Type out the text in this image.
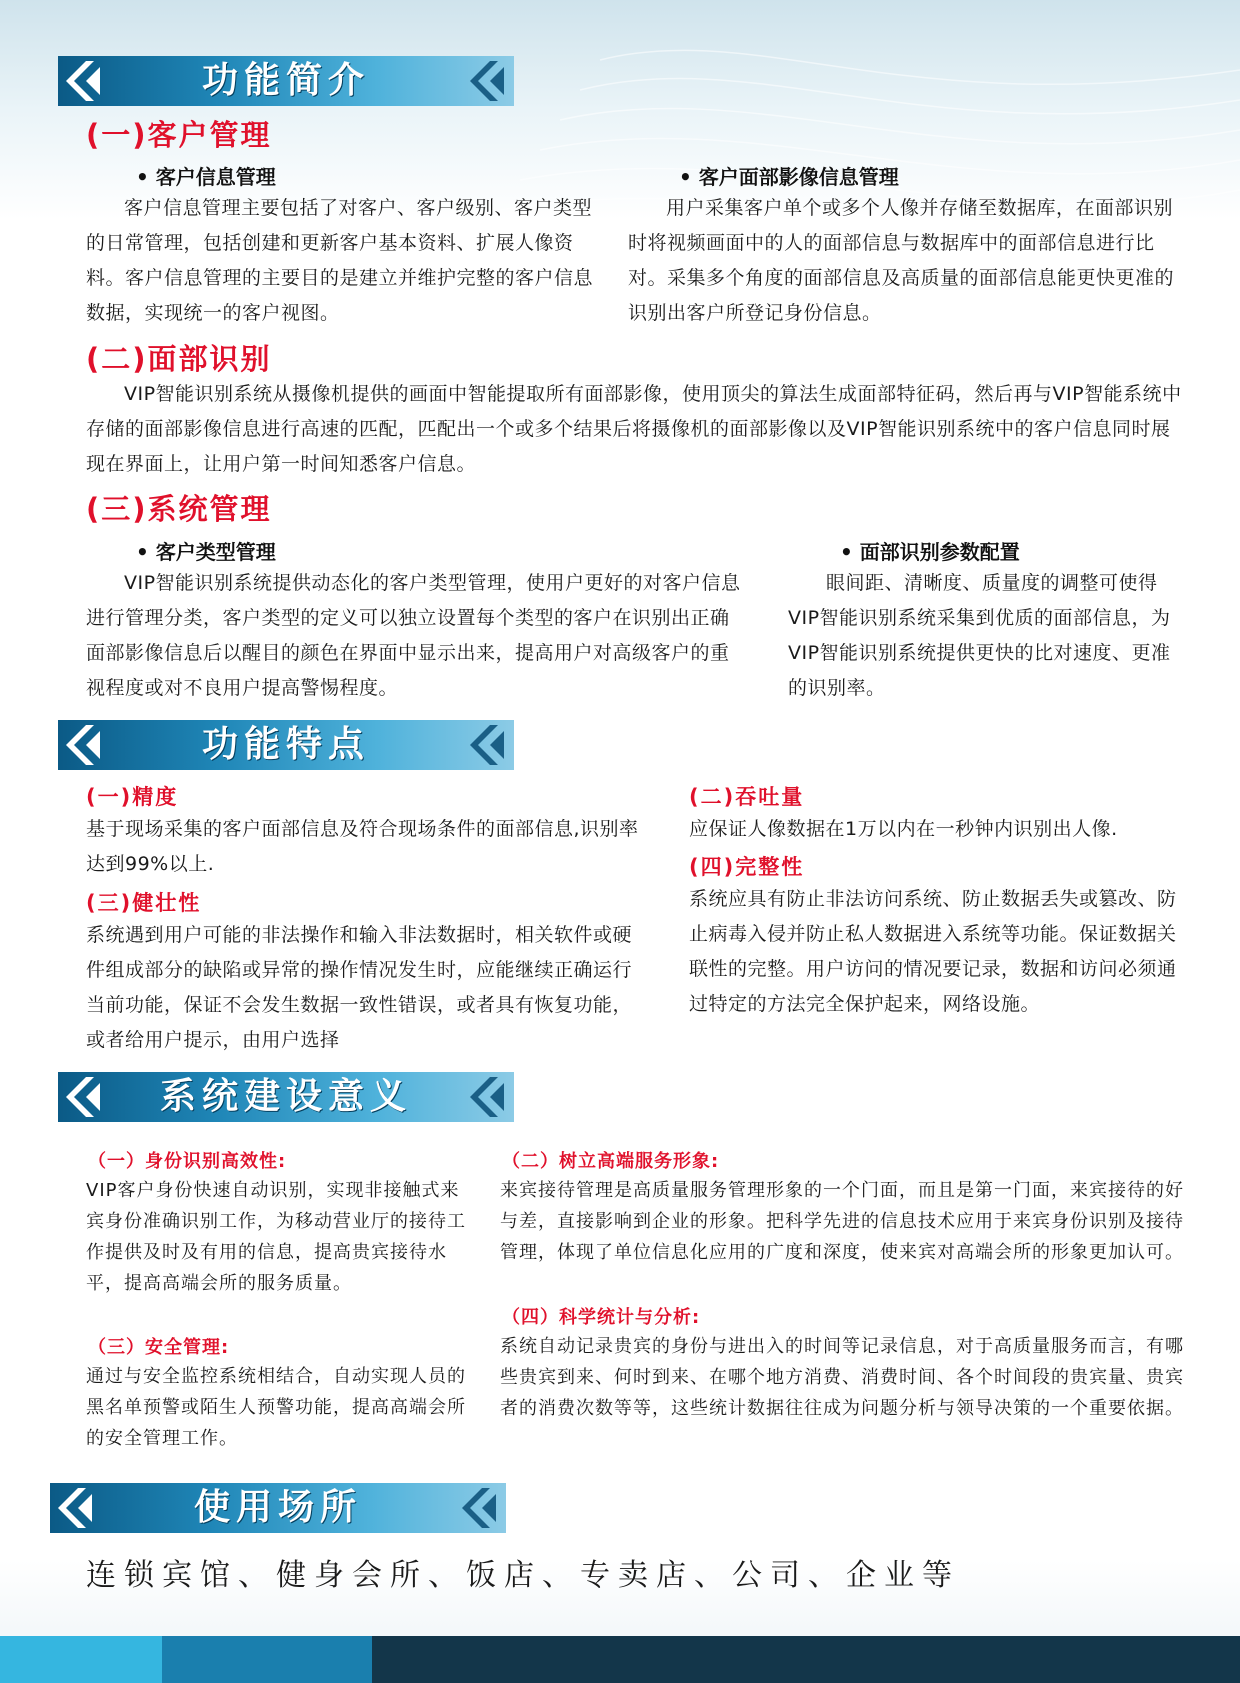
功能简介
(一)客户管理
• 客户信息管理
客户信息管理主要包括了对客户、客户级别、客户类型的日常管理，包括创建和更新客户基本资料、扩展人像资料。客户信息管理的主要目的是建立并维护完整的客户信息数据，实现统一的客户视图。
• 客户面部影像信息管理
用户采集客户单个或多个人像并存储至数据库，在面部识别时将视频画面中的人的面部信息与数据库中的面部信息进行比对。采集多个角度的面部信息及高质量的面部信息能更快更准的识别出客户所登记身份信息。
(二)面部识别
VIP智能识别系统从摄像机提供的画面中智能提取所有面部影像，使用顶尖的算法生成面部特征码，然后再与VIP智能系统中存储的面部影像信息进行高速的匹配，匹配出一个或多个结果后将摄像机的面部影像以及VIP智能识别系统中的客户信息同时展现在界面上，让用户第一时间知悉客户信息。
(三)系统管理
• 客户类型管理
VIP智能识别系统提供动态化的客户类型管理，使用户更好的对客户信息进行管理分类，客户类型的定义可以独立设置每个类型的客户在识别出正确面部影像信息后以醒目的颜色在界面中显示出来，提高用户对高级客户的重视程度或对不良用户提高警惕程度。
• 面部识别参数配置
眼间距、清晰度、质量度的调整可使得VIP智能识别系统采集到优质的面部信息，为VIP智能识别系统提供更快的比对速度、更准的识别率。
功能特点
(一)精度
基于现场采集的客户面部信息及符合现场条件的面部信息,识别率达到99%以上.
(三)健壮性
系统遇到用户可能的非法操作和输入非法数据时，相关软件或硬件组成部分的缺陷或异常的操作情况发生时，应能继续正确运行当前功能，保证不会发生数据一致性错误，或者具有恢复功能，或者给用户提示，由用户选择
(二)吞吐量
应保证人像数据在1万以内在一秒钟内识别出人像.
(四)完整性
系统应具有防止非法访问系统、防止数据丢失或篡改、防止病毒入侵并防止私人数据进入系统等功能。保证数据关联性的完整。用户访问的情况要记录，数据和访问必须通过特定的方法完全保护起来，网络设施。
系统建设意义
（一）身份识别高效性:
VIP客户身份快速自动识别，实现非接触式来宾身份准确识别工作，为移动营业厅的接待工作提供及时及有用的信息，提高贵宾接待水平，提高高端会所的服务质量。
（三）安全管理:
通过与安全监控系统相结合，自动实现人员的黑名单预警或陌生人预警功能，提高高端会所的安全管理工作。
（二）树立高端服务形象:
来宾接待管理是高质量服务管理形象的一个门面，而且是第一门面，来宾接待的好与差，直接影响到企业的形象。把科学先进的信息技术应用于来宾身份识别及接待管理，体现了单位信息化应用的广度和深度，使来宾对高端会所的形象更加认可。
（四）科学统计与分析:
系统自动记录贵宾的身份与进出入的时间等记录信息，对于高质量服务而言，有哪些贵宾到来、何时到来、在哪个地方消费、消费时间、各个时间段的贵宾量、贵宾者的消费次数等等，这些统计数据往往成为问题分析与领导决策的一个重要依据。
使用场所
连锁宾馆、健身会所、饭店、专卖店、公司、企业等
